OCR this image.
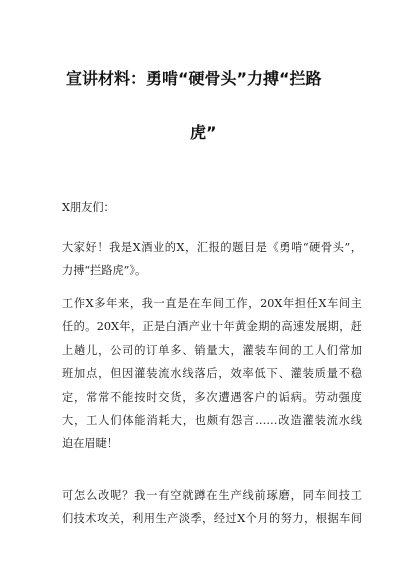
宣讲材料：勇啃“硬骨头”力搏“拦路
虎”
X朋友们：
大家好！我是X酒业的X，汇报的题目是《勇啃“硬骨头”，
力搏“拦路虎”》。
工作X多年来，我一直是在车间工作，20X年担任X车间主
任的。20X年，正是白酒产业十年黄金期的高速发展期，赶
上趟儿，公司的订单多、销量大，灌装车间的工人们常加
班加点，但因灌装流水线落后，效率低下、灌装质量不稳
定，常常不能按时交货，多次遭遇客户的诟病。劳动强度
大，工人们体能消耗大，也颇有怨言……改造灌装流水线
迫在眉睫！
可怎么改呢？我一有空就蹲在生产线前琢磨，同车间技工
们技术攻关，利用生产淡季，经过X个月的努力，根据车间
